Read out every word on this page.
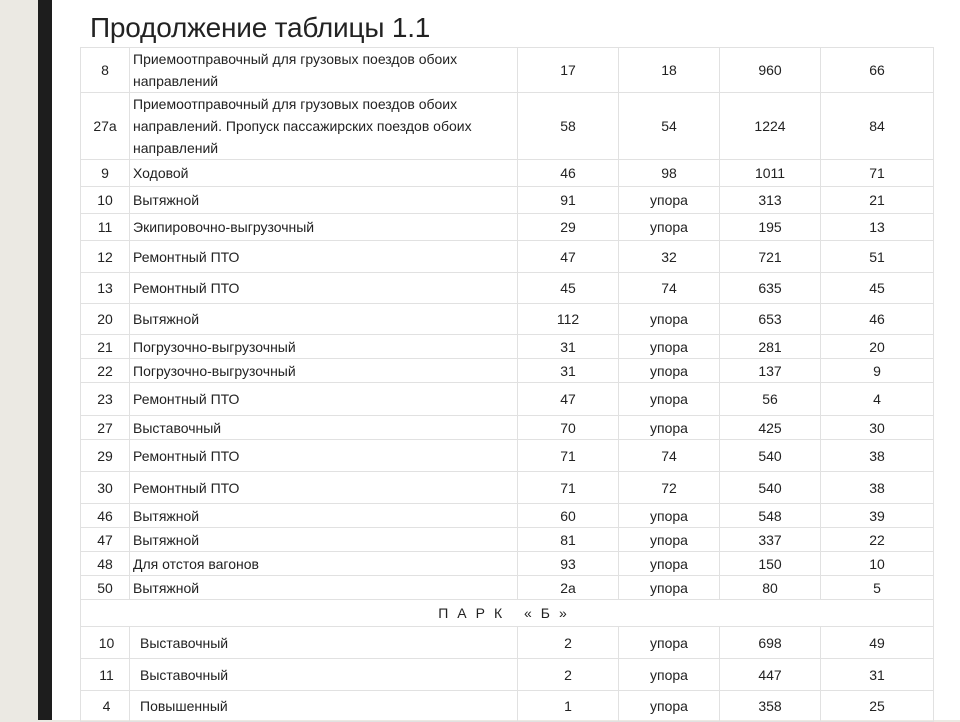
Продолжение таблицы 1.1
8	Приемоотправочный для грузовых поездов обоих направлений	17	18	960	66
27а	Приемоотправочный для грузовых поездов обоих направлений. Пропуск пассажирских поездов обоих направлений	58	54	1224	84
9	Ходовой	46	98	1011	71
10	Вытяжной	91	упора	313	21
11	Экипировочно-выгрузочный	29	упора	195	13
12	Ремонтный ПТО	47	32	721	51
13	Ремонтный ПТО	45	74	635	45
20	Вытяжной	112	упора	653	46
21	Погрузочно-выгрузочный	31	упора	281	20
22	Погрузочно-выгрузочный	31	упора	137	9
23	Ремонтный ПТО	47	упора	56	4
27	Выставочный	70	упора	425	30
29	Ремонтный ПТО	71	74	540	38
30	Ремонтный ПТО	71	72	540	38
46	Вытяжной	60	упора	548	39
47	Вытяжной	81	упора	337	22
48	Для отстоя вагонов	93	упора	150	10
50	Вытяжной	2а	упора	80	5
ПАРК «Б»					
10	Выставочный	2	упора	698	49
11	Выставочный	2	упора	447	31
4	Повышенный	1	упора	358	25
